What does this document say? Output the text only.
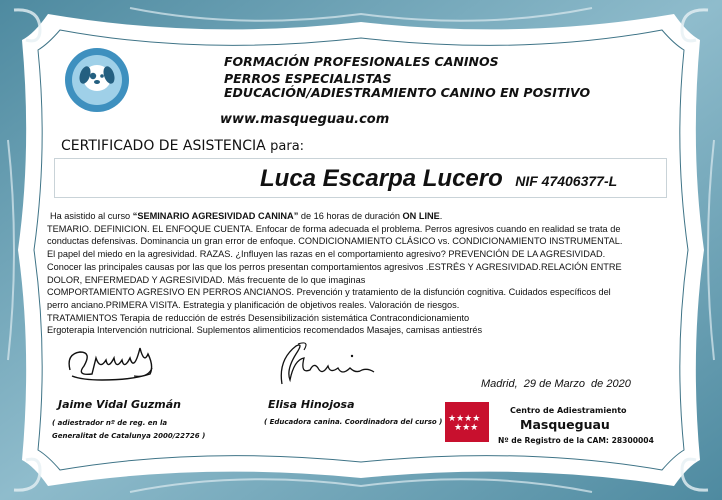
FORMACIÓN PROFESIONALES CANINOS

PERROS ESPECIALISTAS

EDUCACIÓN/ADIESTRAMIENTO CANINO EN POSITIVO

www.masqueguau.com

CERTIFICADO DE ASISTENCIA para:

Luca Escarpa Lucero NIF 47406377-L
Ha asistido al curso “SEMINARIO AGRESIVIDAD CANINA” de 16 horas de duración ON LINE.
TEMARIO. DEFINICION. EL ENFOQUE CUENTA. Enfocar de forma adecuada el problema. Perros agresivos cuando en realidad se trata de
conductas defensivas. Dominancia un gran error de enfoque. CONDICIONAMIENTO CLÁSICO vs. CONDICIONAMIENTO INSTRUMENTAL.
El papel del miedo en la agresividad. RAZAS. ¿Influyen las razas en el comportamiento agresivo? PREVENCIÓN DE LA AGRESIVIDAD.
Conocer las principales causas por las que los perros presentan comportamientos agresivos .ESTRÉS Y AGRESIVIDAD.RELACIÓN ENTRE
DOLOR, ENFERMEDAD Y AGRESIVIDAD. Más frecuente de lo que imaginas
COMPORTAMIENTO AGRESIVO EN PERROS ANCIANOS. Prevención y tratamiento de la disfunción cognitiva. Cuidados específicos del
perro anciano.PRIMERA VISITA. Estrategia y planificación de objetivos reales. Valoración de riesgos.
TRATAMIENTOS Terapia de reducción de estrés Desensibilización sistemática Contracondicionamiento
Ergoterapia Intervención nutricional. Suplementos alimenticios recomendados Masajes, camisas antiestrés

Jaime Vidal Guzmán

( adiestrador nº de reg. en la

Generalitat de Catalunya 2000/22726 )

Elisa Hinojosa

( Educadora canina. Coordinadora del curso )

Madrid,  29 de Marzo  de 2020

★★★★
★★★

Centro de Adiestramiento

Masqueguau

Nº de Registro de la CAM: 28300004
